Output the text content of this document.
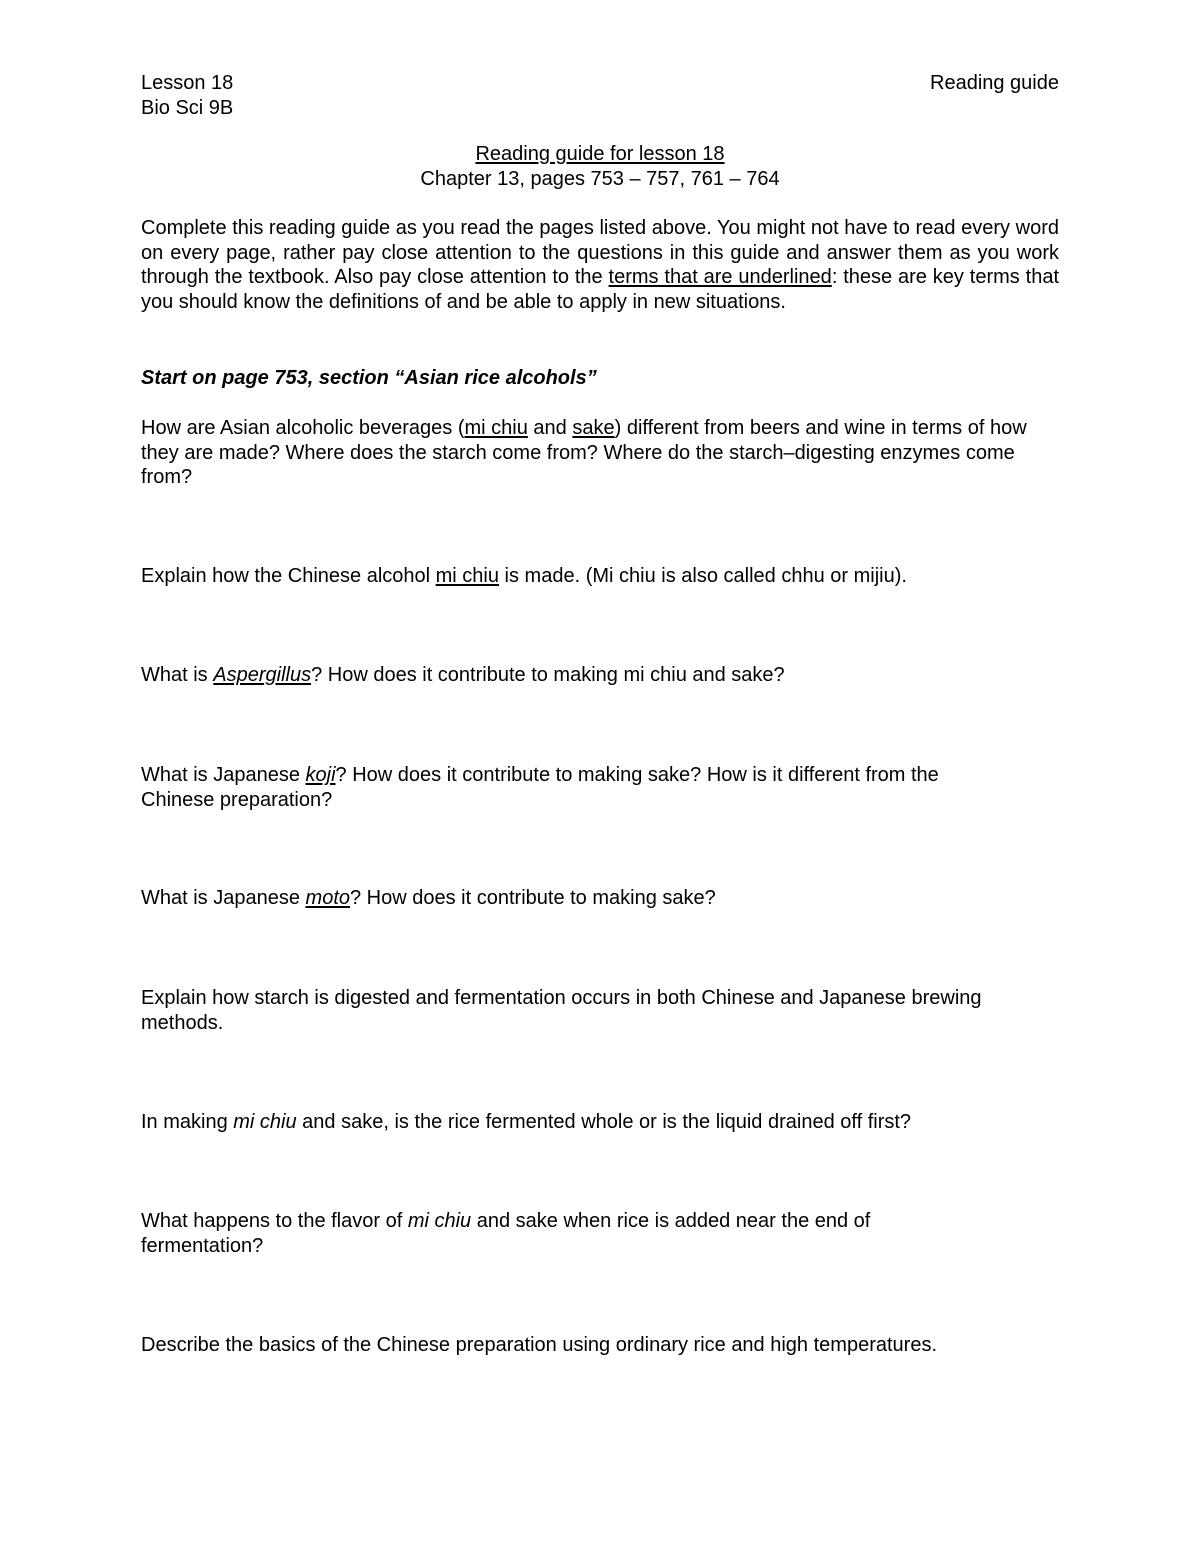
Lesson 18
Bio Sci 9B
Reading guide
Reading guide for lesson 18
Chapter 13, pages 753 – 757, 761 – 764

Complete this reading guide as you read the pages listed above. You might not have to read every word on every page, rather pay close attention to the questions in this guide and answer them as you work through the textbook. Also pay close attention to the terms that are underlined: these are key terms that you should know the definitions of and be able to apply in new situations.

Start on page 753, section “Asian rice alcohols”

How are Asian alcoholic beverages (mi chiu and sake) different from beers and wine in terms of how they are made? Where does the starch come from? Where do the starch–digesting enzymes come from?

Explain how the Chinese alcohol mi chiu is made. (Mi chiu is also called chhu or mijiu).

What is Aspergillus? How does it contribute to making mi chiu and sake?

What is Japanese koji? How does it contribute to making sake? How is it different from the Chinese preparation?

What is Japanese moto? How does it contribute to making sake?

Explain how starch is digested and fermentation occurs in both Chinese and Japanese brewing methods.

In making mi chiu and sake, is the rice fermented whole or is the liquid drained off first?

What happens to the flavor of mi chiu and sake when rice is added near the end of fermentation?

Describe the basics of the Chinese preparation using ordinary rice and high temperatures.
